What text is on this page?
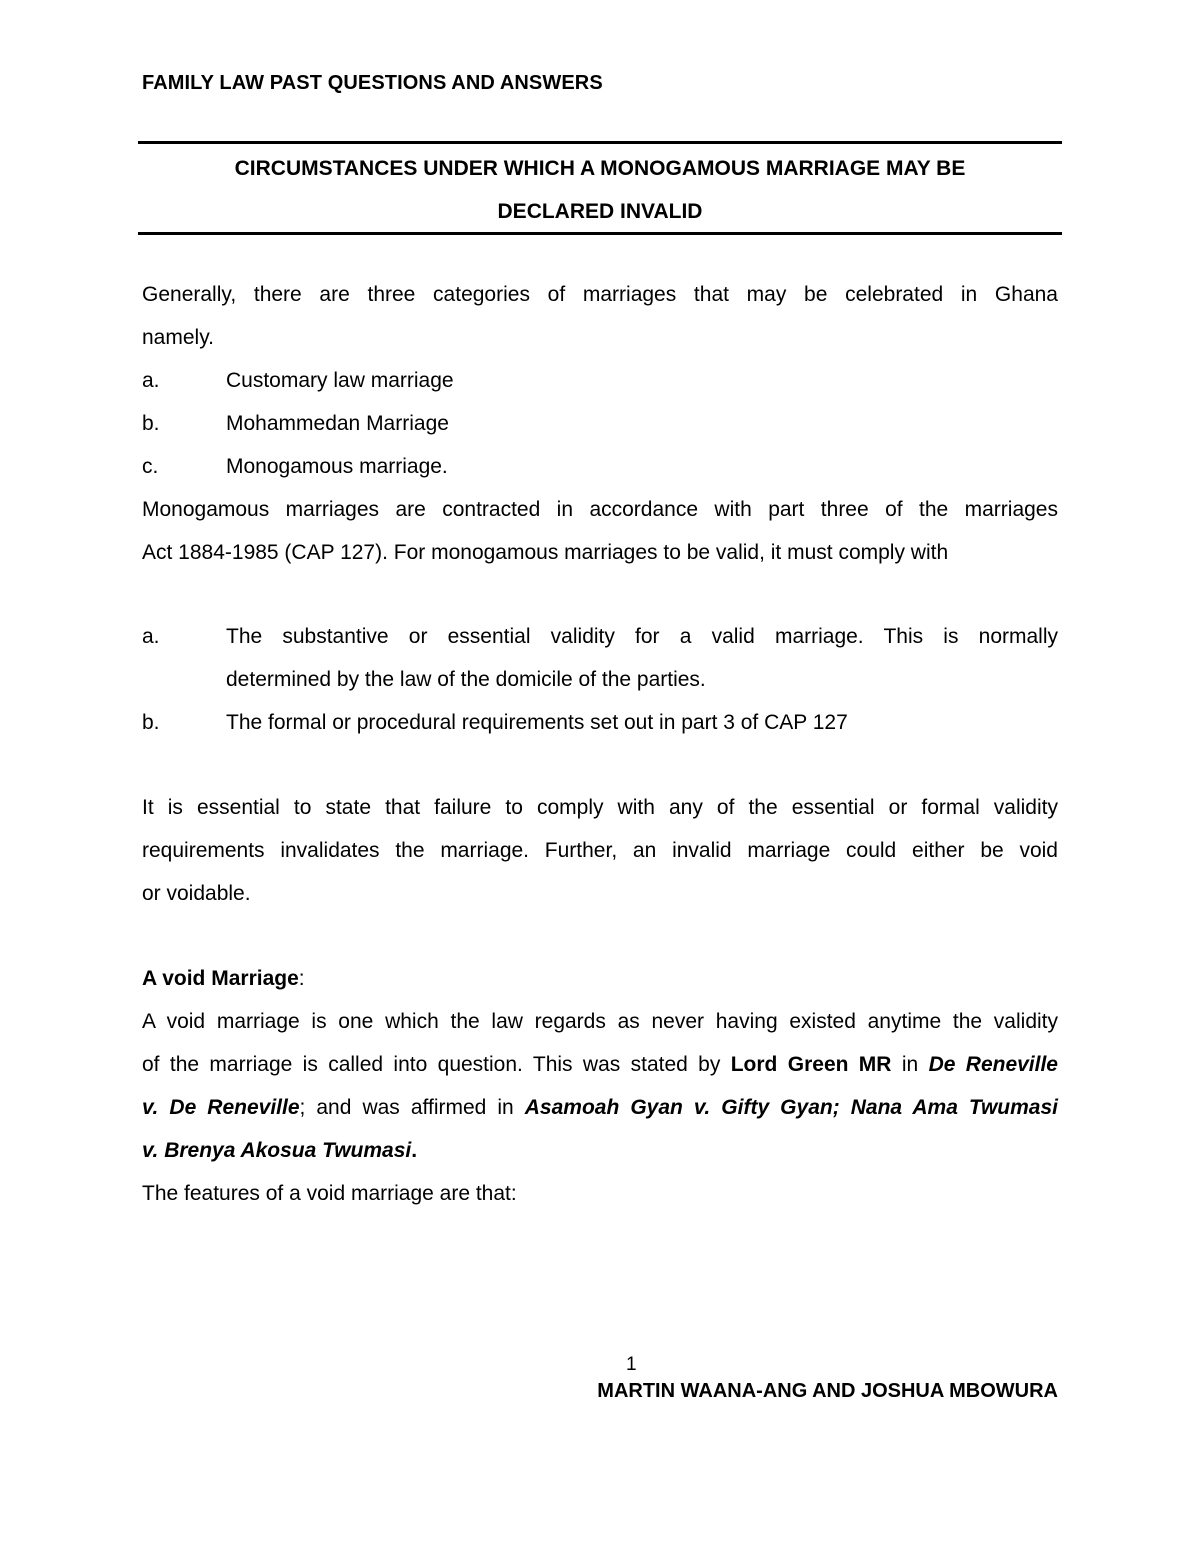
FAMILY LAW PAST QUESTIONS AND ANSWERS
CIRCUMSTANCES UNDER WHICH A MONOGAMOUS MARRIAGE MAY BE
DECLARED INVALID
Generally, there are three categories of marriages that may be celebrated in Ghana
namely.
a.	Customary law marriage
b.	Mohammedan Marriage
c.	Monogamous marriage.
Monogamous marriages are contracted in accordance with part three of the marriages
Act 1884-1985 (CAP 127). For monogamous marriages to be valid, it must comply with
a.	The substantive or essential validity for a valid marriage. This is normally
determined by the law of the domicile of the parties.
b.	The formal or procedural requirements set out in part 3 of CAP 127
It is essential to state that failure to comply with any of the essential or formal validity
requirements invalidates the marriage. Further, an invalid marriage could either be void
or voidable.
A void Marriage:
A void marriage is one which the law regards as never having existed anytime the validity
of the marriage is called into question. This was stated by Lord Green MR in De Reneville
v. De Reneville; and was affirmed in Asamoah Gyan v. Gifty Gyan; Nana Ama Twumasi
v. Brenya Akosua Twumasi.
The features of a void marriage are that:
1
MARTIN WAANA-ANG AND JOSHUA MBOWURA
